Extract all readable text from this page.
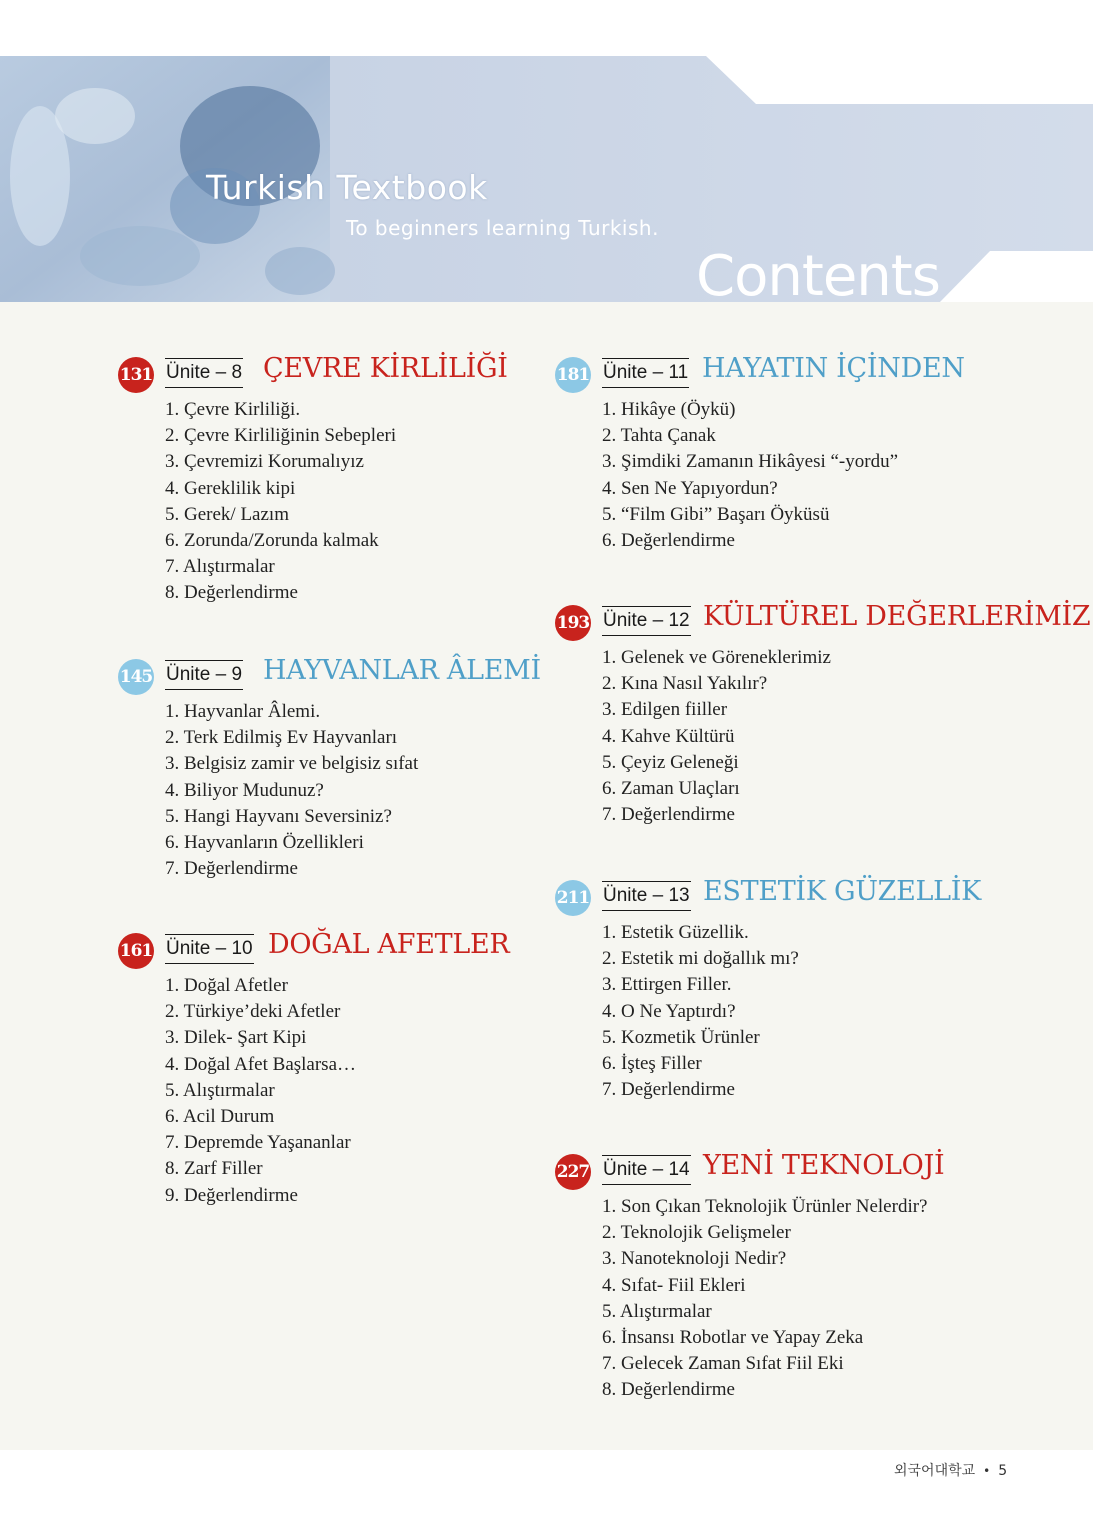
Turkish Textbook
To beginners learning Turkish.
Contents
131 Ünite – 8 ÇEVRE KİRLİLİĞİ
1. Çevre Kirliliği.
2. Çevre Kirliliğinin Sebepleri
3. Çevremizi Korumalıyız
4. Gereklilik kipi
5. Gerek/ Lazım
6. Zorunda/Zorunda kalmak
7. Alıştırmalar
8. Değerlendirme
145 Ünite – 9 HAYVANLAR ÂLEMİ
1. Hayvanlar Âlemi.
2. Terk Edilmiş Ev Hayvanları
3. Belgisiz zamir ve belgisiz sıfat
4. Biliyor Mudunuz?
5. Hangi Hayvanı Seversiniz?
6. Hayvanların Özellikleri
7. Değerlendirme
161 Ünite – 10 DOĞAL AFETLER
1. Doğal Afetler
2. Türkiye’deki Afetler
3. Dilek- Şart Kipi
4. Doğal Afet Başlarsa…
5. Alıştırmalar
6. Acil Durum
7. Depremde Yaşananlar
8. Zarf Filler
9. Değerlendirme
181 Ünite – 11 HAYATIN İÇİNDEN
1. Hikâye (Öykü)
2. Tahta Çanak
3. Şimdiki Zamanın Hikâyesi “-yordu”
4. Sen Ne Yapıyordun?
5. “Film Gibi” Başarı Öyküsü
6. Değerlendirme
193 Ünite – 12 KÜLTÜREL DEĞERLERİMİZ
1. Gelenek ve Göreneklerimiz
2. Kına Nasıl Yakılır?
3. Edilgen fiiller
4. Kahve Kültürü
5. Çeyiz Geleneği
6. Zaman Ulaçları
7. Değerlendirme
211 Ünite – 13 ESTETİK GÜZELLİK
1. Estetik Güzellik.
2. Estetik mi doğallık mı?
3. Ettirgen Filler.
4. O Ne Yaptırdı?
5. Kozmetik Ürünler
6. İşteş Filler
7. Değerlendirme
227 Ünite – 14 YENİ TEKNOLOJİ
1. Son Çıkan Teknolojik Ürünler Nelerdir?
2. Teknolojik Gelişmeler
3. Nanoteknoloji Nedir?
4. Sıfat- Fiil Ekleri
5. Alıştırmalar
6. İnsansı Robotlar ve Yapay Zeka
7. Gelecek Zaman Sıfat Fiil Eki
8. Değerlendirme
외국어대학교 • 5
